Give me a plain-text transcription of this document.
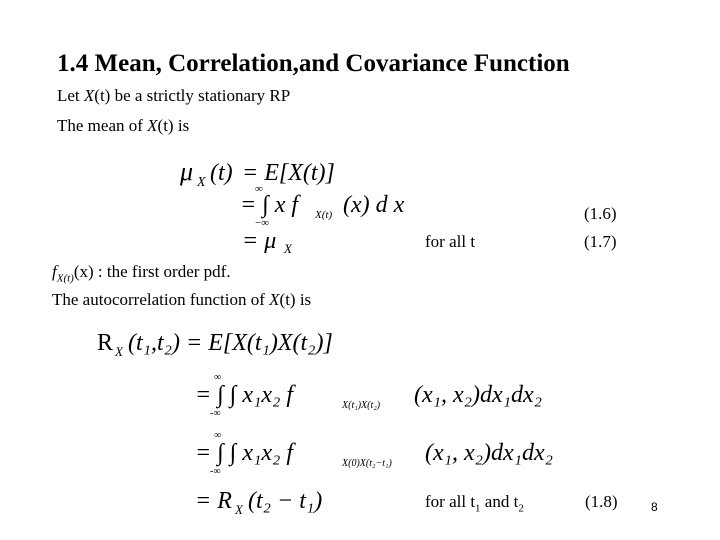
1.4 Mean, Correlation,and Covariance Function
Let X(t) be a strictly stationary RP
The mean of X(t) is
μ X (t) = E[X(t)]
= ∫ x f
∞
−∞
X(t) (x) d x
= μ X	for all t
(1.6)
(1.7)
$f_{X(t)}(x)$ : the first order pdf.
The autocorrelation function of X(t) is
R X (t₁,t₂) = E[X(t₁)X(t₂)]
= ∫ ∫ x₁x₂ f
∞
-∞
X(t₁)X(t₂) (x₁, x₂)dx₁dx₂
= ∫ ∫ x₁x₂ f
∞
-∞
X(0)X(t₂−t₁) (x₁, x₂)dx₁dx₂
= R X (t₂ − t₁)	for all $t_1$ and $t_2$	(1.8)	8
